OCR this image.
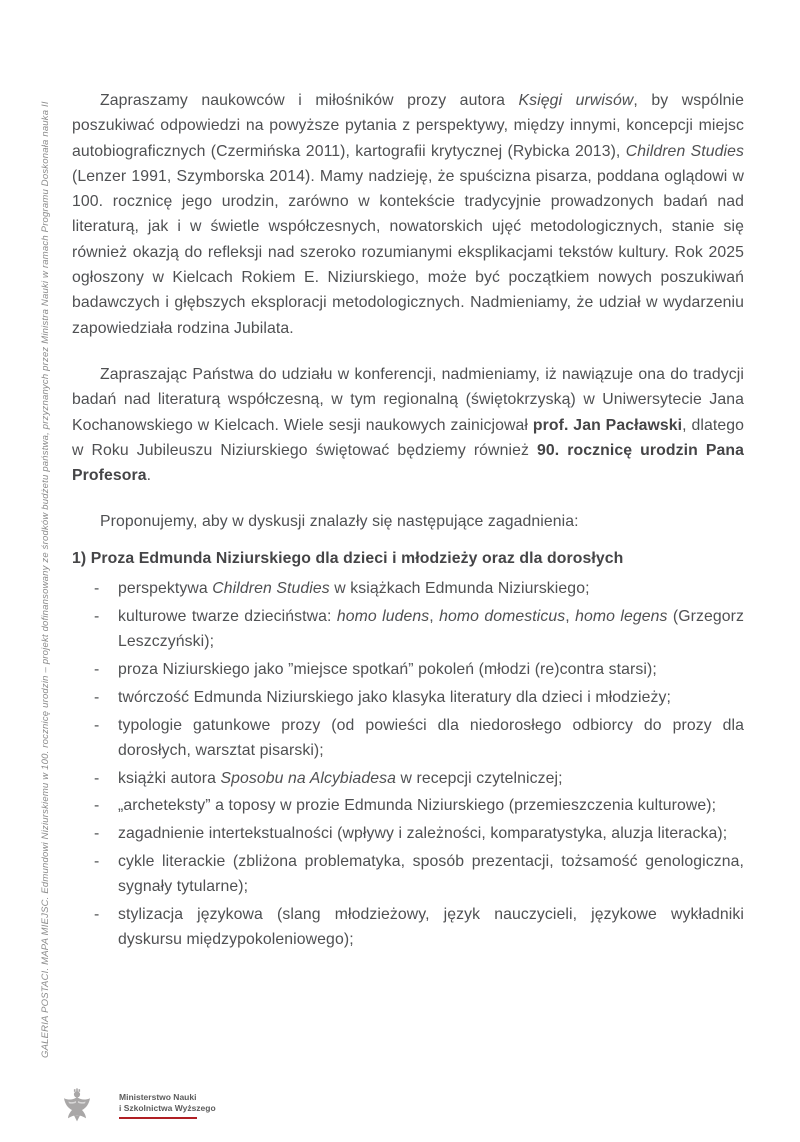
GALERIA POSTACI. MAPA MIEJSC. Edmundowi Niziurskiemu w 100. rocznicę urodzin – projekt dofinansowany ze środków budżetu państwa, przyznanych przez Ministra Nauki w ramach Programu Doskonała nauka II

Zapraszamy naukowców i miłośników prozy autora Księgi urwisów, by wspólnie poszukiwać odpowiedzi na powyższe pytania z perspektywy, między innymi, koncepcji miejsc autobiograficznych (Czermińska 2011), kartografii krytycznej (Rybicka 2013), Children Studies (Lenzer 1991, Szymborska 2014). Mamy nadzieję, że spuścizna pisarza, poddana oglądowi w 100. rocznicę jego urodzin, zarówno w kontekście tradycyjnie prowadzonych badań nad literaturą, jak i w świetle współczesnych, nowatorskich ujęć metodologicznych, stanie się również okazją do refleksji nad szeroko rozumianymi eksplikacjami tekstów kultury. Rok 2025 ogłoszony w Kielcach Rokiem E. Niziurskiego, może być początkiem nowych poszukiwań badawczych i głębszych eksploracji metodologicznych. Nadmieniamy, że udział w wydarzeniu zapowiedziała rodzina Jubilata.

Zapraszając Państwa do udziału w konferencji, nadmieniamy, iż nawiązuje ona do tradycji badań nad literaturą współczesną, w tym regionalną (świętokrzyską) w Uniwersytecie Jana Kochanowskiego w Kielcach. Wiele sesji naukowych zainicjował prof. Jan Pacławski, dlatego w Roku Jubileuszu Niziurskiego świętować będziemy również 90. rocznicę urodzin Pana Profesora.

Proponujemy, aby w dyskusji znalazły się następujące zagadnienia:

1) Proza Edmunda Niziurskiego dla dzieci i młodzieży oraz dla dorosłych

- perspektywa Children Studies w książkach Edmunda Niziurskiego;
- kulturowe twarze dzieciństwa: homo ludens, homo domesticus, homo legens (Grzegorz Leszczyński);
- proza Niziurskiego jako ”miejsce spotkań” pokoleń (młodzi (re)contra starsi);
- twórczość Edmunda Niziurskiego jako klasyka literatury dla dzieci i młodzieży;
- typologie gatunkowe prozy (od powieści dla niedorosłego odbiorcy do prozy dla dorosłych, warsztat pisarski);
- książki autora Sposobu na Alcybiadesa w recepcji czytelniczej;
- „archeteksty” a toposy w prozie Edmunda Niziurskiego (przemieszczenia kulturowe);
- zagadnienie intertekstualności (wpływy i zależności, komparatystyka, aluzja literacka);
- cykle literackie (zbliżona problematyka, sposób prezentacji, tożsamość genologiczna, sygnały tytularne);
- stylizacja językowa (slang młodzieżowy, język nauczycieli, językowe wykładniki dyskursu międzypokoleniowego);
Ministerstwo Nauki
i Szkolnictwa Wyższego
